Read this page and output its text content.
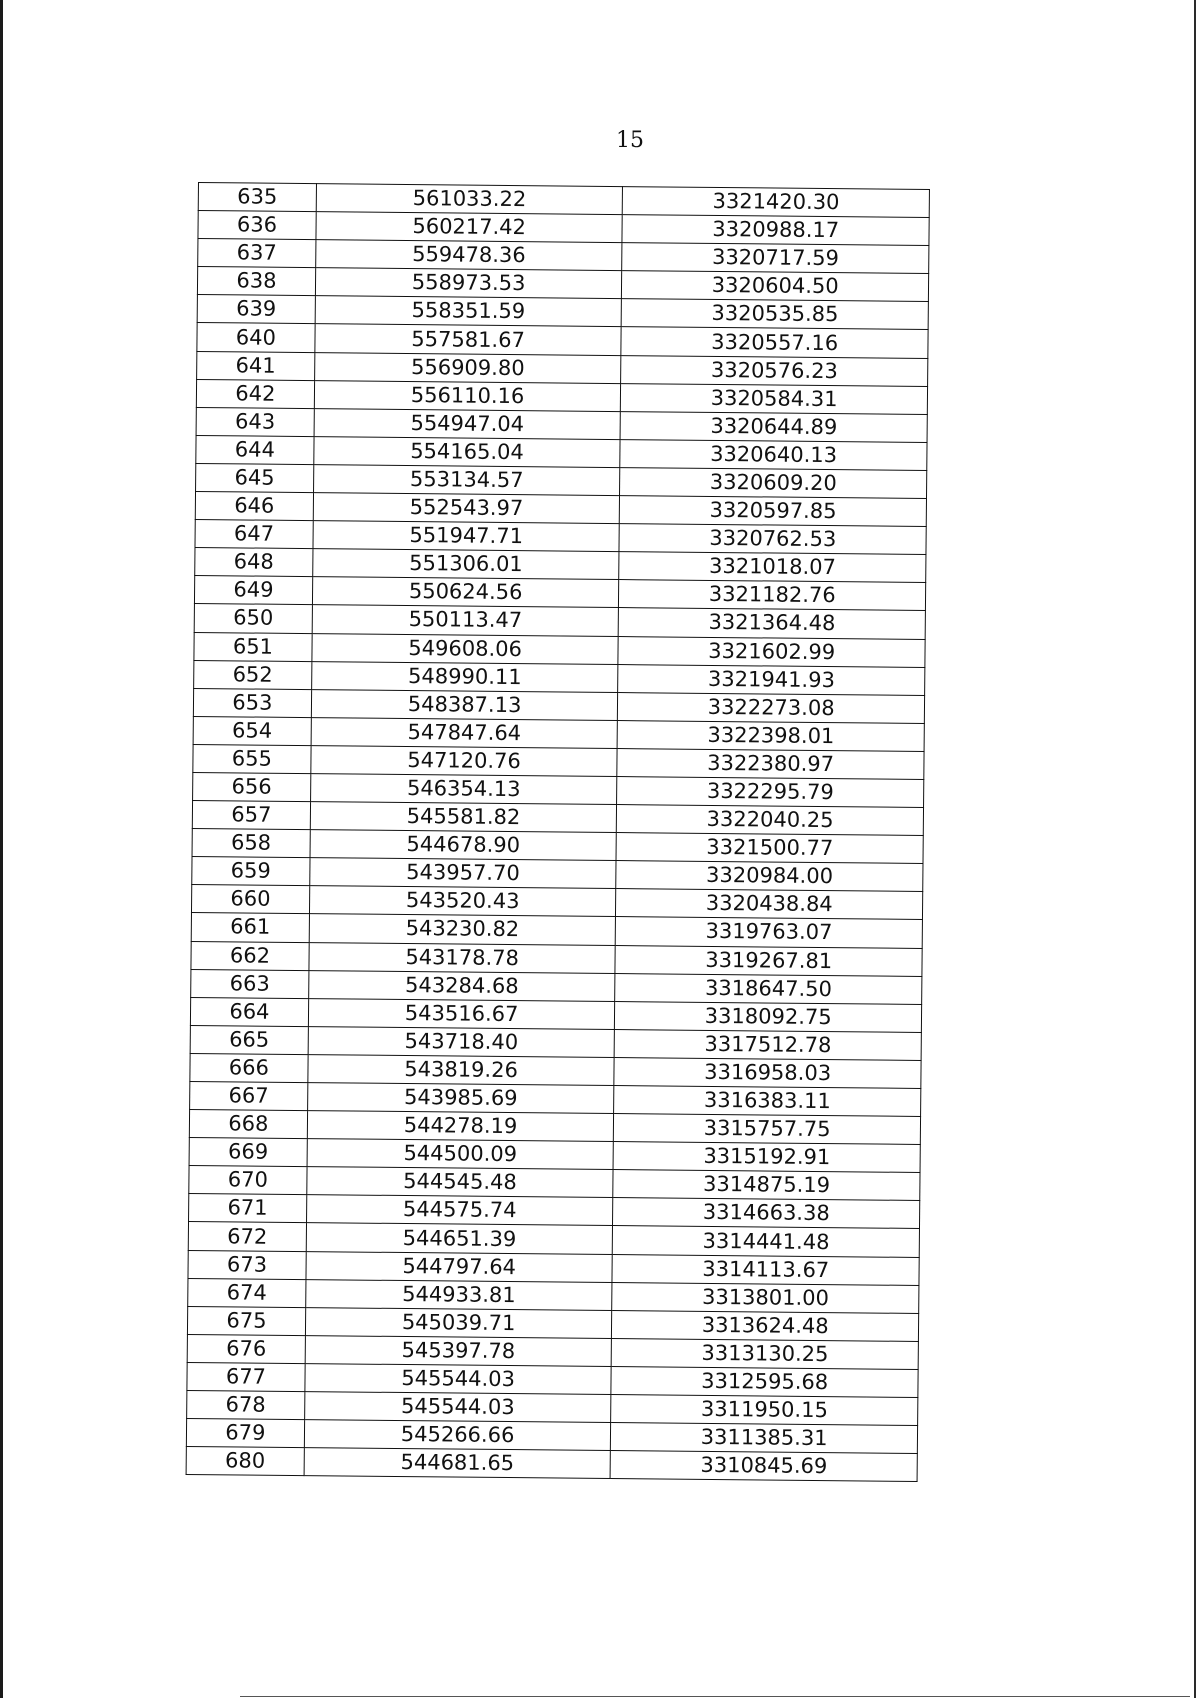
15
635	561033.22	3321420.30
636	560217.42	3320988.17
637	559478.36	3320717.59
638	558973.53	3320604.50
639	558351.59	3320535.85
640	557581.67	3320557.16
641	556909.80	3320576.23
642	556110.16	3320584.31
643	554947.04	3320644.89
644	554165.04	3320640.13
645	553134.57	3320609.20
646	552543.97	3320597.85
647	551947.71	3320762.53
648	551306.01	3321018.07
649	550624.56	3321182.76
650	550113.47	3321364.48
651	549608.06	3321602.99
652	548990.11	3321941.93
653	548387.13	3322273.08
654	547847.64	3322398.01
655	547120.76	3322380.97
656	546354.13	3322295.79
657	545581.82	3322040.25
658	544678.90	3321500.77
659	543957.70	3320984.00
660	543520.43	3320438.84
661	543230.82	3319763.07
662	543178.78	3319267.81
663	543284.68	3318647.50
664	543516.67	3318092.75
665	543718.40	3317512.78
666	543819.26	3316958.03
667	543985.69	3316383.11
668	544278.19	3315757.75
669	544500.09	3315192.91
670	544545.48	3314875.19
671	544575.74	3314663.38
672	544651.39	3314441.48
673	544797.64	3314113.67
674	544933.81	3313801.00
675	545039.71	3313624.48
676	545397.78	3313130.25
677	545544.03	3312595.68
678	545544.03	3311950.15
679	545266.66	3311385.31
680	544681.65	3310845.69
